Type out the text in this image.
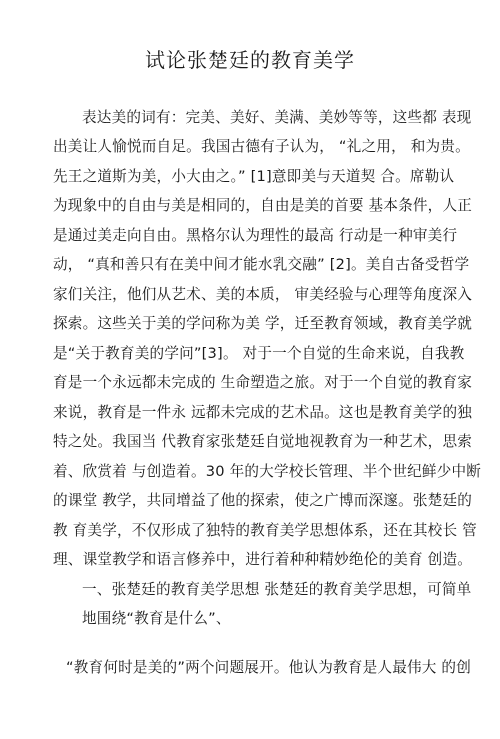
试论张楚廷的教育美学
表达美的词有：完美、美好、美满、美妙等等，这些都 表现
出美让人愉悦而自足。我国古德有子认为， “礼之用， 和为贵。
先王之道斯为美，小大由之。” [1]意即美与天道契 合。席勒认
为现象中的自由与美是相同的，自由是美的首要 基本条件，人正
是通过美走向自由。黑格尔认为理性的最高 行动是一种审美行
动， “真和善只有在美中间才能水乳交融” [2]。美自古备受哲学
家们关注，他们从艺术、美的本质， 审美经验与心理等角度深入
探索。这些关于美的学问称为美 学，迁至教育领域，教育美学就
是“关于教育美的学问”[3]。 对于一个自觉的生命来说，自我教
育是一个永远都未完成的 生命塑造之旅。对于一个自觉的教育家
来说，教育是一件永 远都未完成的艺术品。这也是教育美学的独
特之处。我国当 代教育家张楚廷自觉地视教育为一种艺术，思索
着、欣赏着 与创造着。30 年的大学校长管理、半个世纪鲜少中断
的课堂 教学，共同增益了他的探索，使之广博而深邃。张楚廷的
教 育美学，不仅形成了独特的教育美学思想体系，还在其校长 管
理、课堂教学和语言修养中，进行着种种精妙绝伦的美育 创造。
一、张楚廷的教育美学思想 张楚廷的教育美学思想，可简单
地围绕“教育是什么”、
“教育何时是美的”两个问题展开。他认为教育是人最伟大 的创
